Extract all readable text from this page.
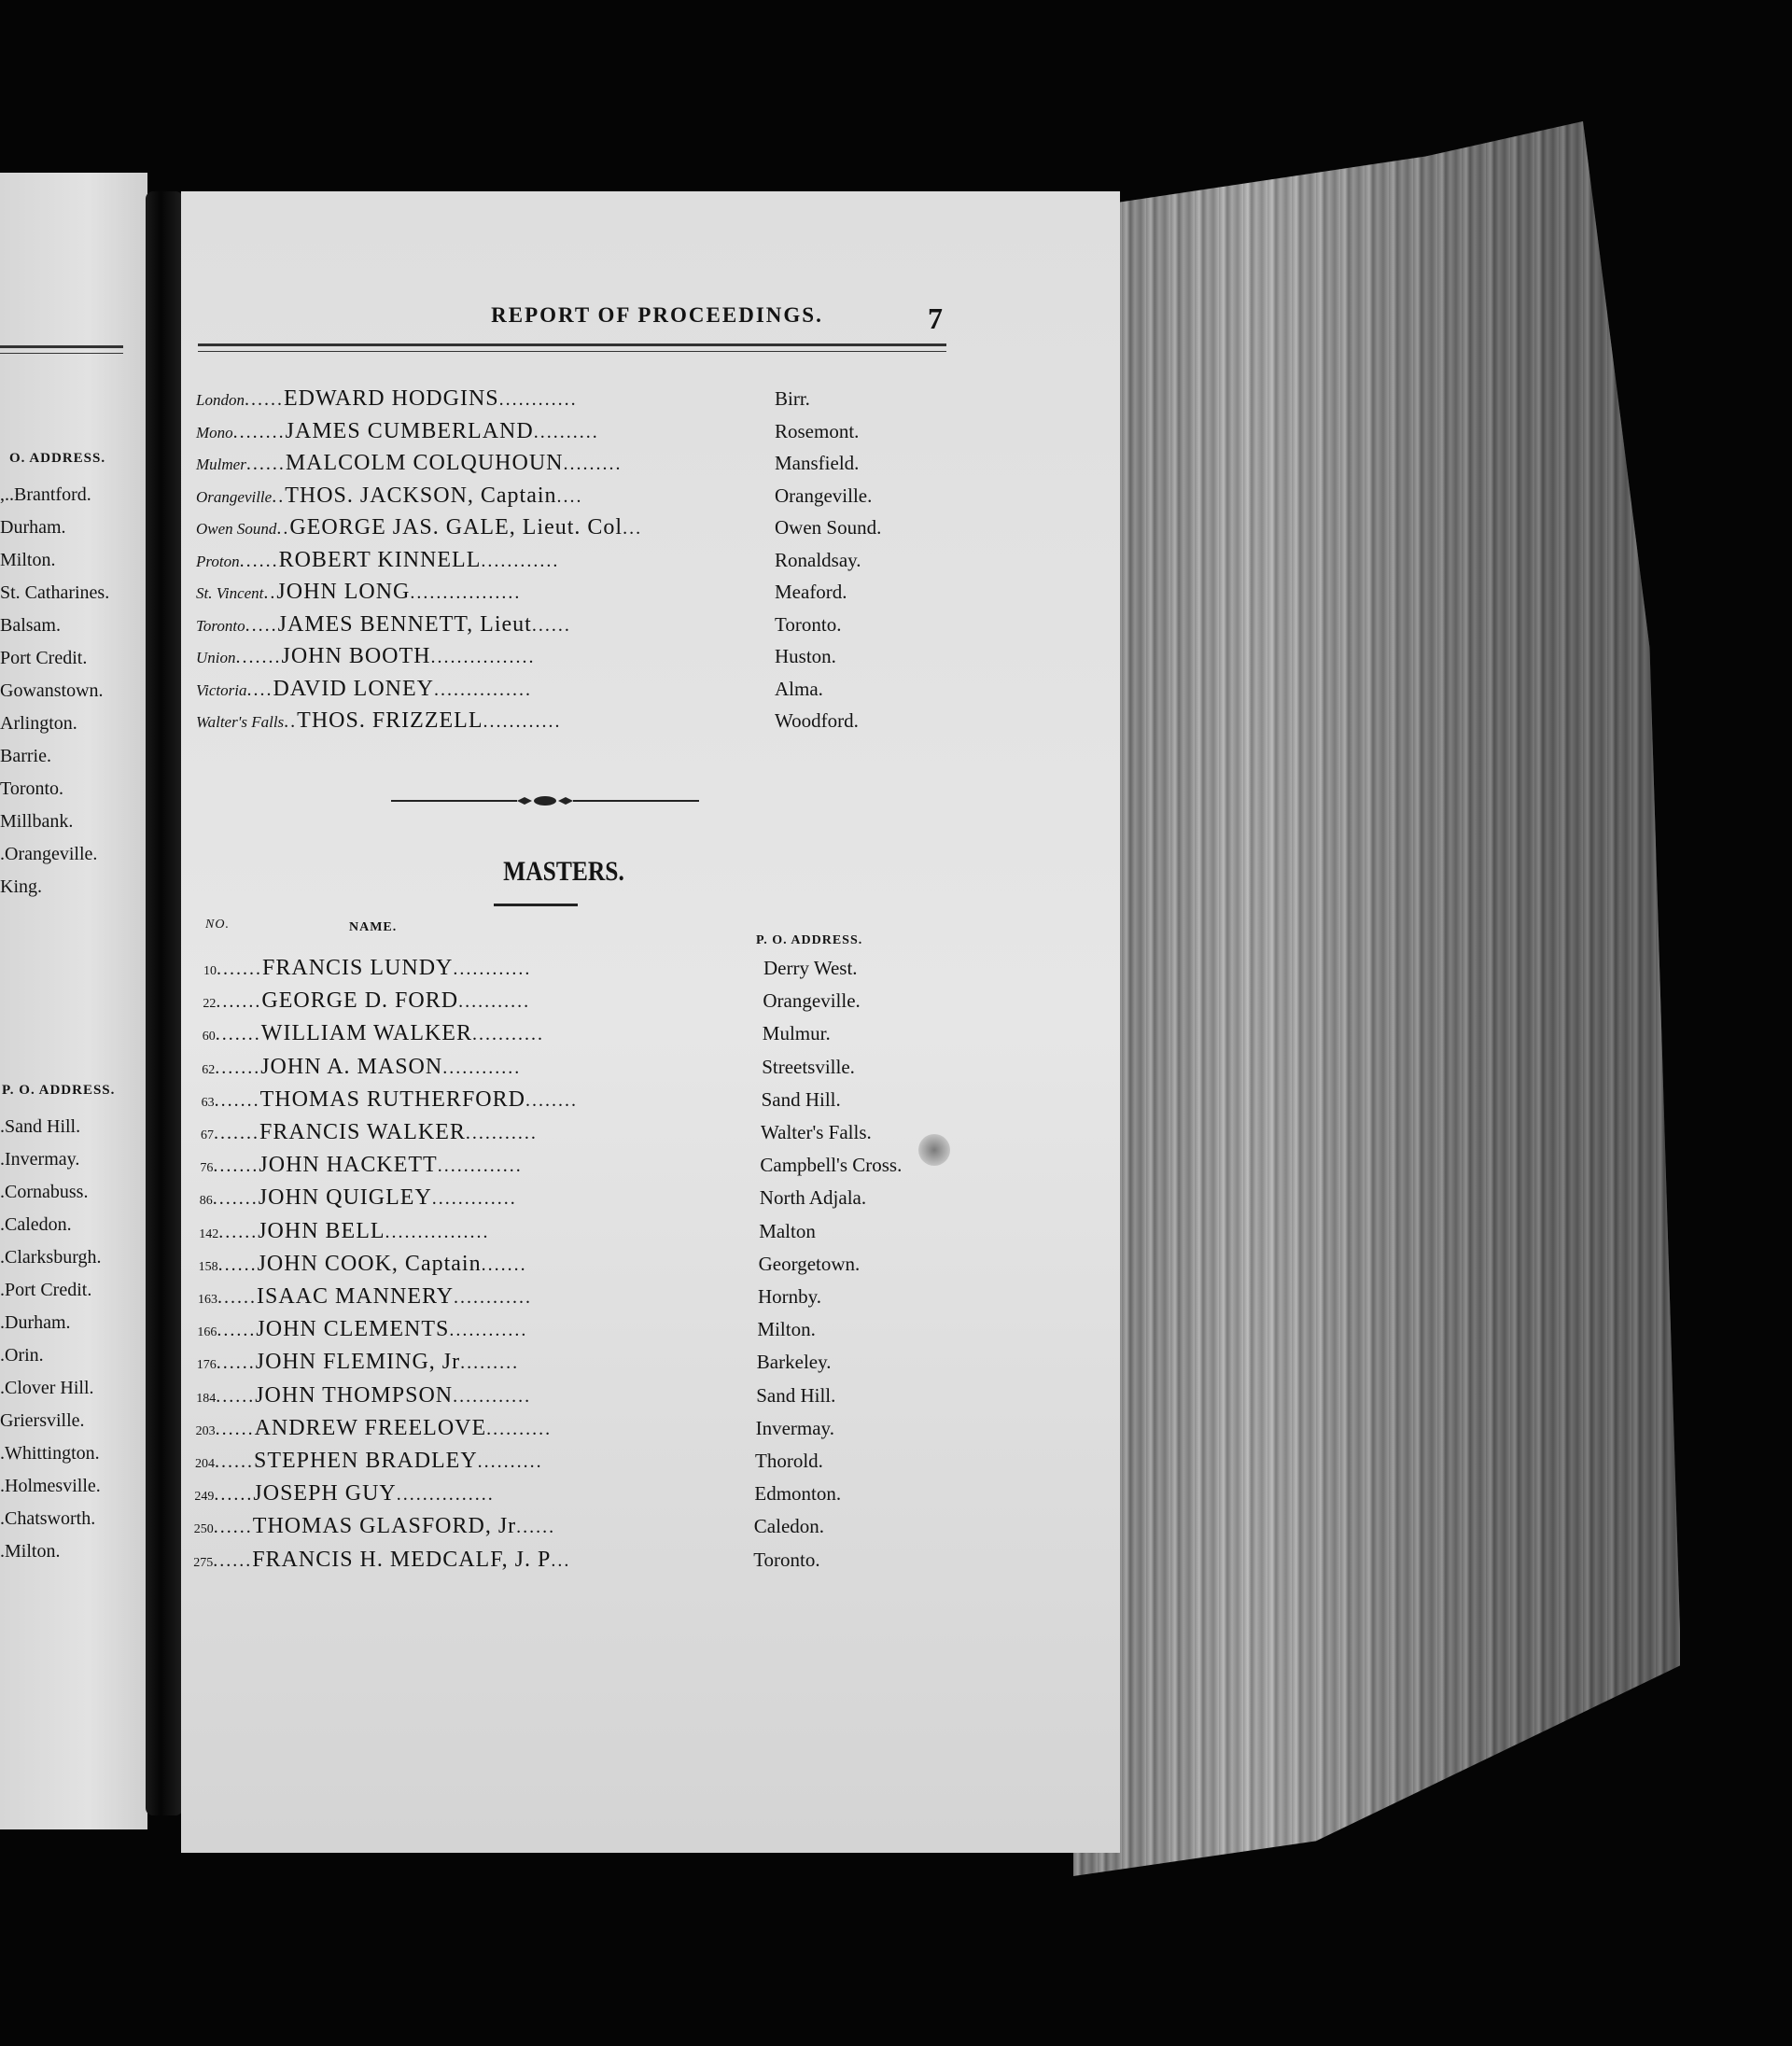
O. ADDRESS.
,..Brantford.
Durham.
Milton.
St. Catharines.
Balsam.
Port Credit.
Gowanstown.
Arlington.
Barrie.
Toronto.
Millbank.
.Orangeville.
King.
P. O. ADDRESS.
.Sand Hill.
.Invermay.
.Cornabuss.
.Caledon.
.Clarksburgh.
.Port Credit.
.Durham.
.Orin.
.Clover Hill.
Griersville.
.Whittington.
.Holmesville.
.Chatsworth.
.Milton.
REPORT OF PROCEEDINGS.	7
London......EDWARD HODGINS............	Birr.
Mono........JAMES CUMBERLAND..........	Rosemont.
Mulmer......MALCOLM COLQUHOUN.........	Mansfield.
Orangeville..THOS. JACKSON, Captain....	Orangeville.
Owen Sound..GEORGE JAS. GALE, Lieut. Col...	Owen Sound.
Proton......ROBERT KINNELL............	Ronaldsay.
St. Vincent..JOHN LONG.................	Meaford.
Toronto.....JAMES BENNETT, Lieut......	Toronto.
Union.......JOHN BOOTH................	Huston.
Victoria....DAVID LONEY...............	Alma.
Walter's Falls..THOS. FRIZZELL............	Woodford.
MASTERS.
NO.	NAME.
P. O. ADDRESS.
10.......FRANCIS LUNDY............	Derry West.
22.......GEORGE D. FORD...........	Orangeville.
60.......WILLIAM WALKER...........	Mulmur.
62.......JOHN A. MASON............	Streetsville.
63.......THOMAS RUTHERFORD........	Sand Hill.
67.......FRANCIS WALKER...........	Walter's Falls.
76.......JOHN HACKETT.............	Campbell's Cross.
86.......JOHN QUIGLEY.............	North Adjala.
142......JOHN BELL................	Malton
158......JOHN COOK, Captain.......	Georgetown.
163......ISAAC MANNERY............	Hornby.
166......JOHN CLEMENTS............	Milton.
176......JOHN FLEMING, Jr.........	Barkeley.
184......JOHN THOMPSON............	Sand Hill.
203......ANDREW FREELOVE..........	Invermay.
204......STEPHEN BRADLEY..........	Thorold.
249......JOSEPH GUY...............	Edmonton.
250......THOMAS GLASFORD, Jr......	Caledon.
275......FRANCIS H. MEDCALF, J. P...	Toronto.
